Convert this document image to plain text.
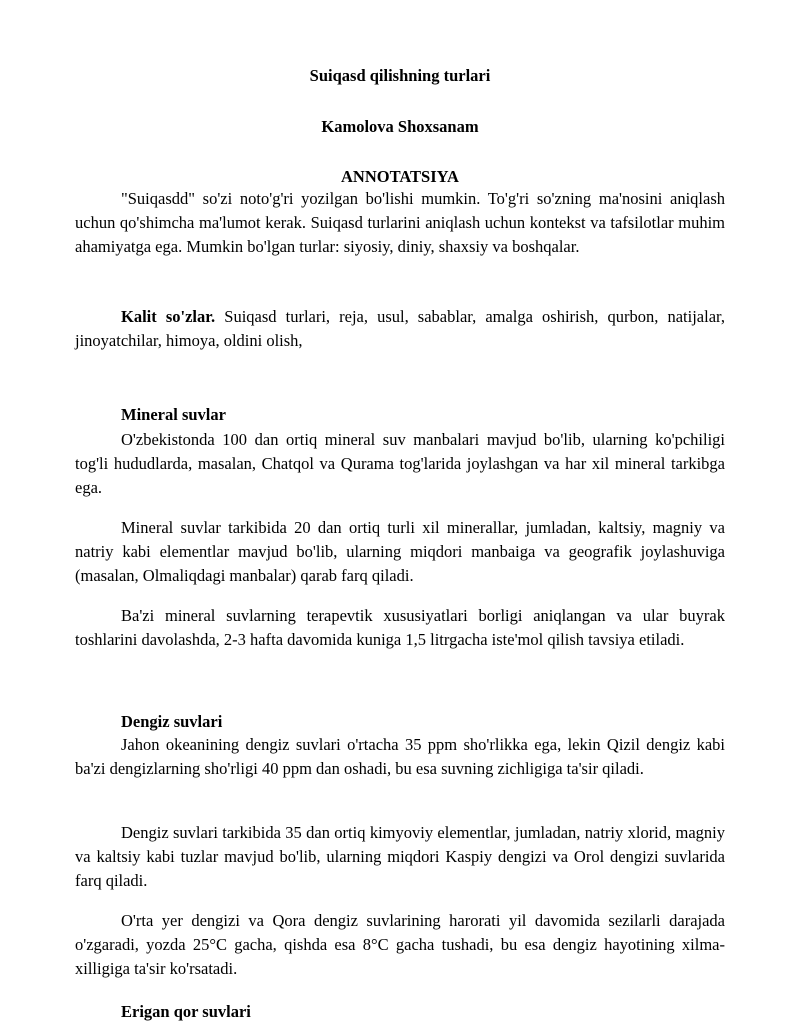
Suiqasd qilishning turlari

Kamolova Shoxsanam

ANNOTATSIYA

"Suiqasdd" so'zi noto'g'ri yozilgan bo'lishi mumkin. To'g'ri so'zning ma'nosini aniqlash uchun qo'shimcha ma'lumot kerak. Suiqasd turlarini aniqlash uchun kontekst va tafsilotlar muhim ahamiyatga ega. Mumkin bo'lgan turlar: siyosiy, diniy, shaxsiy va boshqalar.

Kalit so'zlar. Suiqasd turlari, reja, usul, sabablar, amalga oshirish, qurbon, natijalar, jinoyatchilar, himoya, oldini olish,

Mineral suvlar

O'zbekistonda 100 dan ortiq mineral suv manbalari mavjud bo'lib, ularning ko'pchiligi tog'li hududlarda, masalan, Chatqol va Qurama tog'larida joylashgan va har xil mineral tarkibga ega.

Mineral suvlar tarkibida 20 dan ortiq turli xil minerallar, jumladan, kaltsiy, magniy va natriy kabi elementlar mavjud bo'lib, ularning miqdori manbaiga va geografik joylashuviga (masalan, Olmaliqdagi manbalar) qarab farq qiladi.

Ba'zi mineral suvlarning terapevtik xususiyatlari borligi aniqlangan va ular buyrak toshlarini davolashda, 2-3 hafta davomida kuniga 1,5 litrgacha iste'mol qilish tavsiya etiladi.

Dengiz suvlari

Jahon okeanining dengiz suvlari o'rtacha 35 ppm sho'rlikka ega, lekin Qizil dengiz kabi ba'zi dengizlarning sho'rligi 40 ppm dan oshadi, bu esa suvning zichligiga ta'sir qiladi.

Dengiz suvlari tarkibida 35 dan ortiq kimyoviy elementlar, jumladan, natriy xlorid, magniy va kaltsiy kabi tuzlar mavjud bo'lib, ularning miqdori Kaspiy dengizi va Orol dengizi suvlarida farq qiladi.

O'rta yer dengizi va Qora dengiz suvlarining harorati yil davomida sezilarli darajada o'zgaradi, yozda 25°C gacha, qishda esa 8°C gacha tushadi, bu esa dengiz hayotining xilma-xilligiga ta'sir ko'rsatadi.

Erigan qor suvlari
